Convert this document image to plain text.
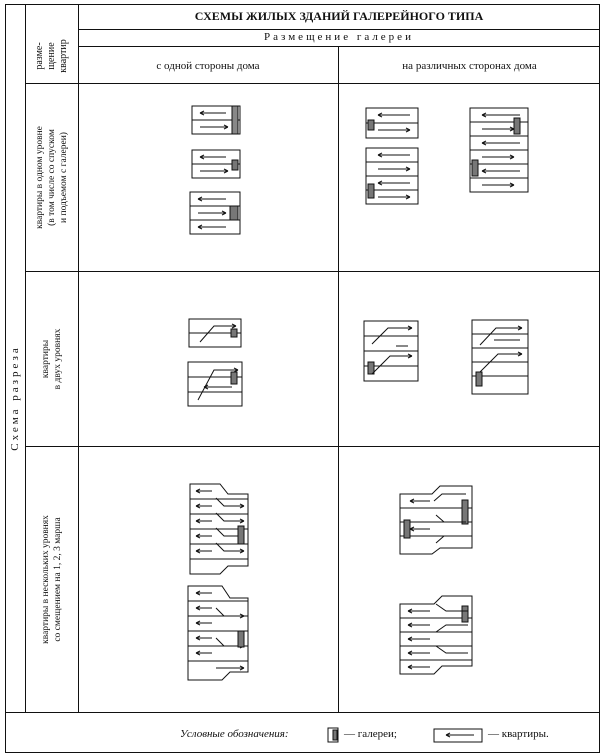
СХЕМЫ ЖИЛЫХ ЗДАНИЙ ГАЛЕРЕЙНОГО ТИПА
Размещение галереи
с одной стороны дома	на различных сторонах дома
разме- щение квартир
Схема разреза
квартиры в одном уровне (в том числе со спуском и подъемом с галереи)
квартиры в двух уровнях
квартиры в нескольких уровнях со смещением на 1, 2, 3 марша
Условные обозначения:	— галереи;	— квартиры.
